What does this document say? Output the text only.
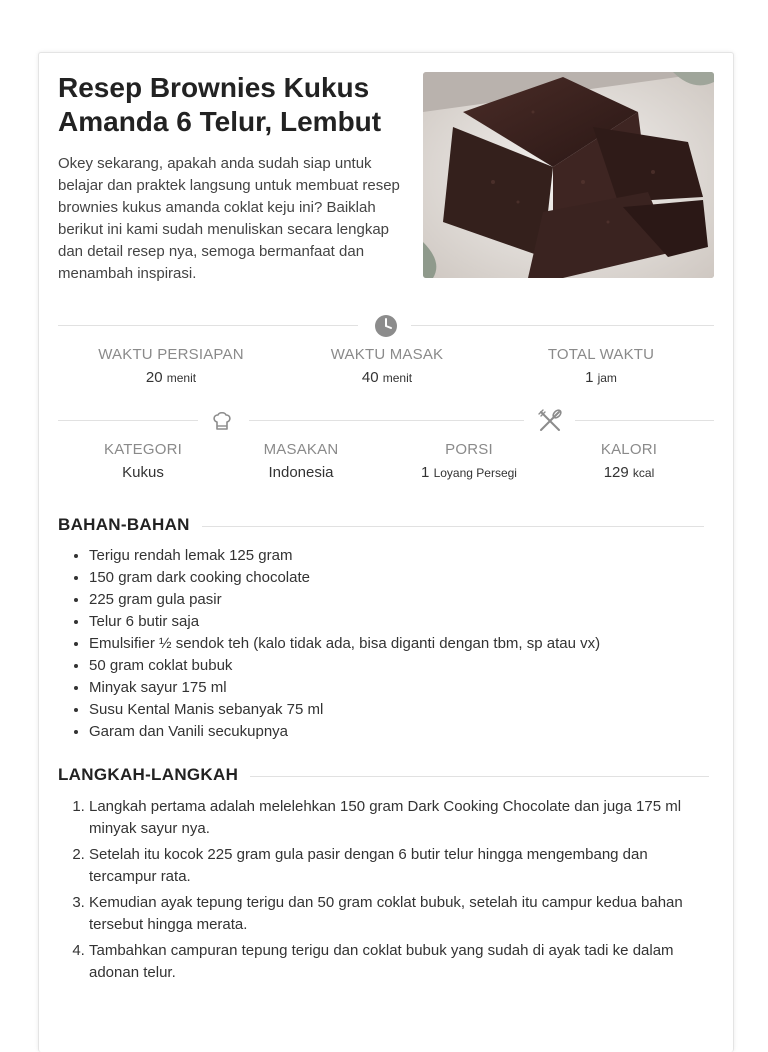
Resep Brownies Kukus Amanda 6 Telur, Lembut

Okey sekarang, apakah anda sudah siap untuk belajar dan praktek langsung untuk membuat resep brownies kukus amanda coklat keju ini? Baiklah berikut ini kami sudah menuliskan secara lengkap dan detail resep nya, semoga bermanfaat dan menambah inspirasi.

WAKTU PERSIAPAN
20 menit
WAKTU MASAK
40 menit
TOTAL WAKTU
1 jam
KATEGORI
Kukus
MASAKAN
Indonesia
PORSI
1 Loyang Persegi
KALORI
129 kcal
BAHAN-BAHAN
• Terigu rendah lemak 125 gram
• 150 gram dark cooking chocolate
• 225 gram gula pasir
• Telur 6 butir saja
• Emulsifier ½ sendok teh (kalo tidak ada, bisa diganti dengan tbm, sp atau vx)
• 50 gram coklat bubuk
• Minyak sayur 175 ml
• Susu Kental Manis sebanyak 75 ml
• Garam dan Vanili secukupnya
LANGKAH-LANGKAH
1. Langkah pertama adalah melelehkan 150 gram Dark Cooking Chocolate dan juga 175 ml minyak sayur nya.
2. Setelah itu kocok 225 gram gula pasir dengan 6 butir telur hingga mengembang dan tercampur rata.
3. Kemudian ayak tepung terigu dan 50 gram coklat bubuk, setelah itu campur kedua bahan tersebut hingga merata.
4. Tambahkan campuran tepung terigu dan coklat bubuk yang sudah di ayak tadi ke dalam adonan telur.
